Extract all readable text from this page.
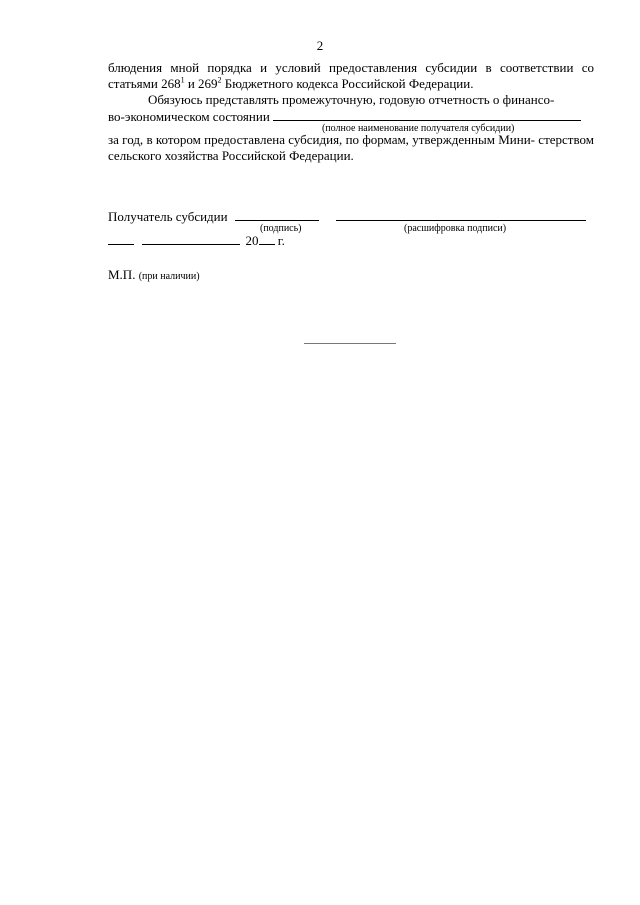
2

блюдения мной порядка и условий предоставления субсидии в соответствии со статьями $268^1$ и $269^2$ Бюджетного кодекса Российской Федерации.

Обязуюсь представлять промежуточную, годовую отчетность о финансо-

во-экономическом состоянии
(полное наименование получателя субсидии)

за год, в котором предоставлена субсидия, по формам, утвержденным Мини- стерством сельского хозяйства Российской Федерации.

Получатель субсидии
(подпись)	(расшифровка подписи)
20 г.
М.П. (при наличии)
